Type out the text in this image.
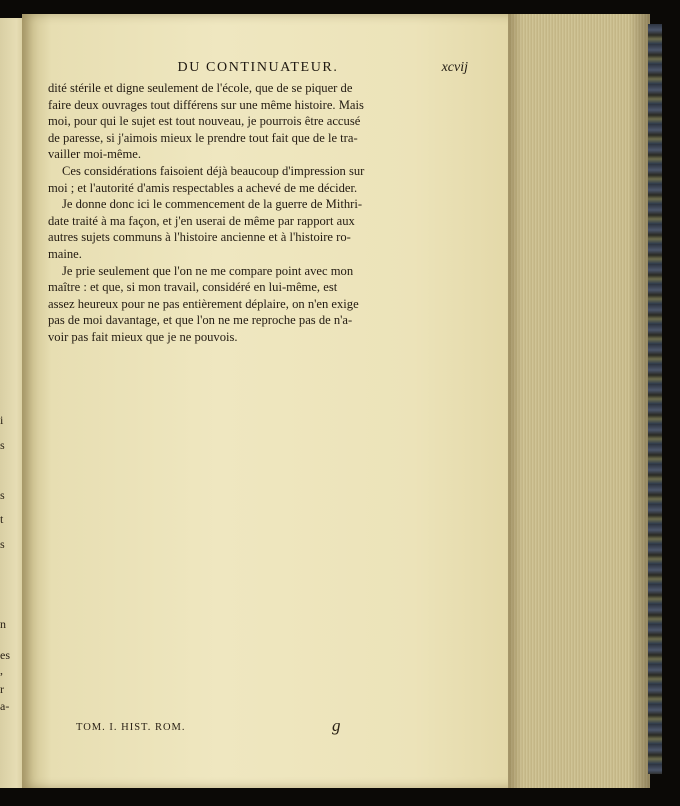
i
s
s
t
s
n
es
,
r
a-
DU CONTINUATEUR.	xcvij

dité stérile et digne seulement de l'école, que de se piquer de
faire deux ouvrages tout différens sur une même histoire. Mais
moi, pour qui le sujet est tout nouveau, je pourrois être accusé
de paresse, si j'aimois mieux le prendre tout fait que de le tra-
vailler moi-même.

Ces considérations faisoient déjà beaucoup d'impression sur
moi ; et l'autorité d'amis respectables a achevé de me décider.

Je donne donc ici le commencement de la guerre de Mithri-
date traité à ma façon, et j'en userai de même par rapport aux
autres sujets communs à l'histoire ancienne et à l'histoire ro-
maine.

Je prie seulement que l'on ne me compare point avec mon
maître : et que, si mon travail, considéré en lui-même, est
assez heureux pour ne pas entièrement déplaire, on n'en exige
pas de moi davantage, et que l'on ne me reproche pas de n'a-
voir pas fait mieux que je ne pouvois.

TOM. I. HIST. ROM.	g
